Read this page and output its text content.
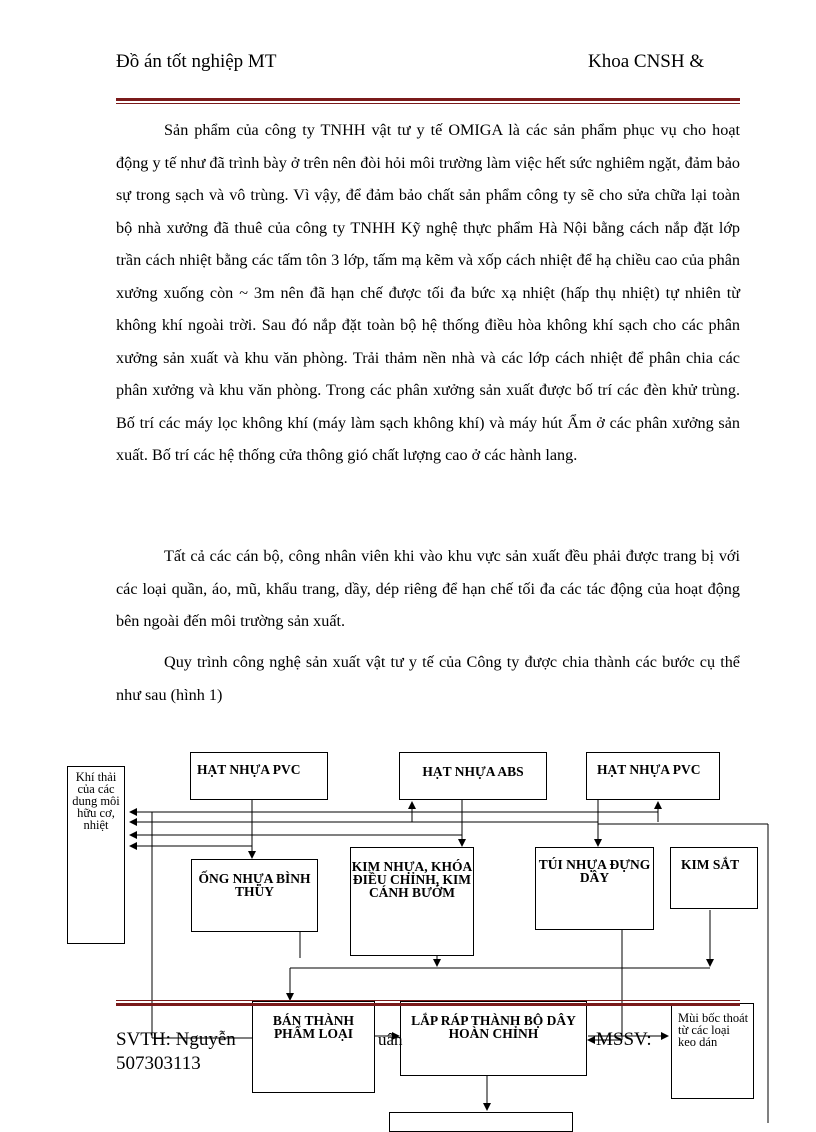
Đồ án tốt nghiệp MT	Khoa CNSH &

Sản phẩm của công ty TNHH vật tư y tế OMIGA là các sản phẩm phục vụ cho hoạt động y tế như đã trình bày ở trên nên đòi hỏi môi trường làm việc hết sức nghiêm ngặt, đảm bảo sự trong sạch và vô trùng. Vì vậy, để đảm bảo chất sản phẩm công ty sẽ cho sửa chữa lại toàn bộ nhà xưởng đã thuê của công ty TNHH Kỹ nghệ thực phẩm Hà Nội bằng cách nắp đặt lớp trần cách nhiệt bằng các tấm tôn 3 lớp, tấm mạ kẽm và xốp cách nhiệt để hạ chiều cao của phân xưởng xuống còn ~ 3m nên đã hạn chế được tối đa bức xạ nhiệt (hấp thụ nhiệt) tự nhiên từ không khí ngoài trời. Sau đó nắp đặt toàn bộ hệ thống điều hòa không khí sạch cho các phân xưởng sản xuất và khu văn phòng. Trải thảm nền nhà và các lớp cách nhiệt để phân chia các phân xưởng và khu văn phòng. Trong các phân xưởng sản xuất được bố trí các đèn khử trùng. Bố trí các máy lọc không khí (máy làm sạch không khí) và máy hút Ẩm ở các phân xưởng sản xuất. Bố trí các hệ thống cửa thông gió chất lượng cao ở các hành lang.

Tất cả các cán bộ, công nhân viên khi vào khu vực sản xuất đều phải được trang bị với các loại quần, áo, mũ, khẩu trang, dầy, dép riêng để hạn chế tối đa các tác động của hoạt động bên ngoài đến môi trường sản xuất.

Quy trình công nghệ sản xuất vật tư y tế của Công ty được chia thành các bước cụ thể như sau (hình 1)

Khí thải của các dung môi hữu cơ, nhiệt
HẠT NHỰA PVC	HẠT NHỰA ABS	HẠT NHỰA PVC
ỐNG NHỰA BÌNH THỦY
KIM NHỰA, KHÓA ĐIỀU CHỈNH, KIM CÁNH BƯỚM
TÚI NHỰA ĐỰNG DÂY
KIM SẮT
BÁN THÀNH PHẨM LOẠI
LẮP RÁP THÀNH BỘ DÂY HOÀN CHỈNH
Mùi bốc thoát từ các loại keo dán
SVTH: Nguyễn
507303113
uân	MSSV:
